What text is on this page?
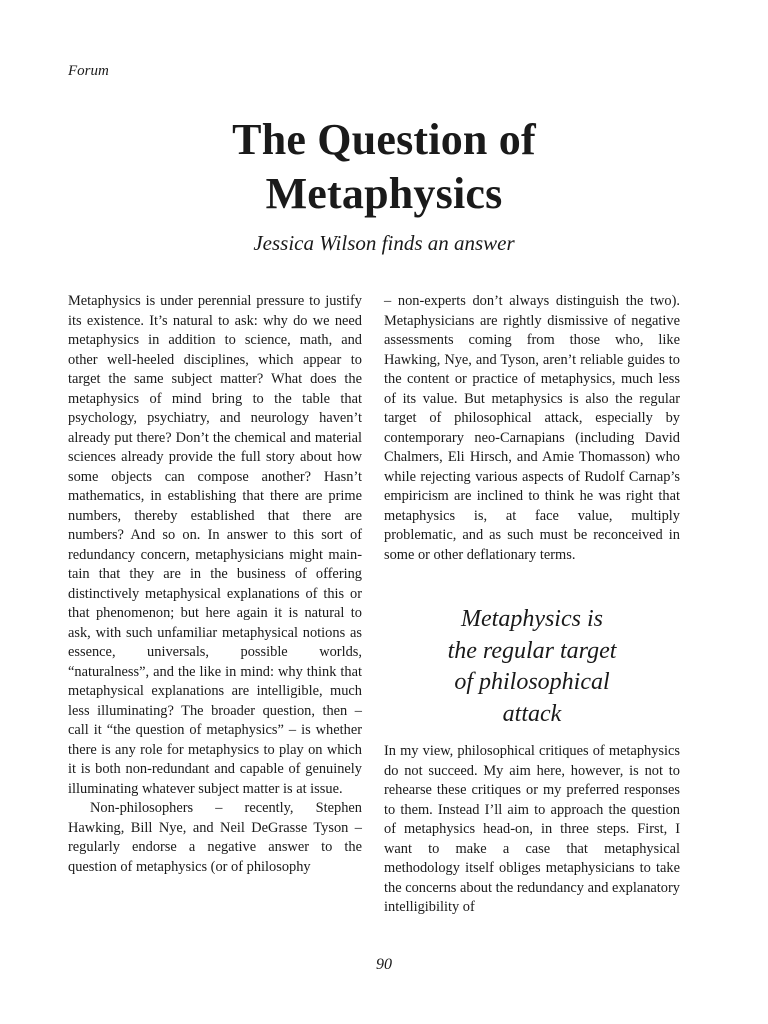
Forum
The Question of
Metaphysics
Jessica Wilson finds an answer

Metaphysics is under perennial pressure to justify its existence. It’s natural to ask: why do we need metaphysics in addition to science, math, and other well-heeled disciplines, which appear to target the same subject matter? What does the metaphysics of mind bring to the table that psychology, psychiatry, and neurology haven’t already put there? Don’t the chemical and material sciences already provide the full story about how some objects can compose another? Hasn’t mathematics, in establishing that there are prime numbers, thereby established that there are numbers? And so on. In answer to this sort of redundancy concern, metaphysicians might maintain that they are in the business of offering distinctively metaphysical explanations of this or that phenomenon; but here again it is natural to ask, with such unfamiliar metaphysical notions as essence, universals, possible worlds, “naturalness”, and the like in mind: why think that metaphysical explanations are intelligible, much less illuminating? The broader question, then – call it “the question of metaphysics” – is whether there is any role for metaphysics to play on which it is both non-redundant and capable of genuinely illuminating whatever subject matter is at issue.

Non-philosophers – recently, Stephen Hawking, Bill Nye, and Neil DeGrasse Tyson – regularly endorse a negative answer to the question of metaphysics (or of philosophy

– non-experts don’t always distinguish the two). Metaphysicians are rightly dismissive of negative assessments coming from those who, like Hawking, Nye, and Tyson, aren’t reliable guides to the content or practice of metaphysics, much less of its value. But metaphysics is also the regular target of philosophical attack, especially by contemporary neo-Carnapians (including David Chalmers, Eli Hirsch, and Amie Thomasson) who while rejecting various aspects of Rudolf Carnap’s empiricism are inclined to think he was right that metaphysics is, at face value, multiply problematic, and as such must be reconceived in some or other deflationary terms.

Metaphysics is
the regular target
of philosophical
attack

In my view, philosophical critiques of metaphysics do not succeed. My aim here, however, is not to rehearse these critiques or my preferred responses to them. Instead I’ll aim to approach the question of metaphysics head-on, in three steps. First, I want to make a case that metaphysical methodology itself obliges metaphysicians to take the concerns about the redundancy and explanatory intelligibility of

90
